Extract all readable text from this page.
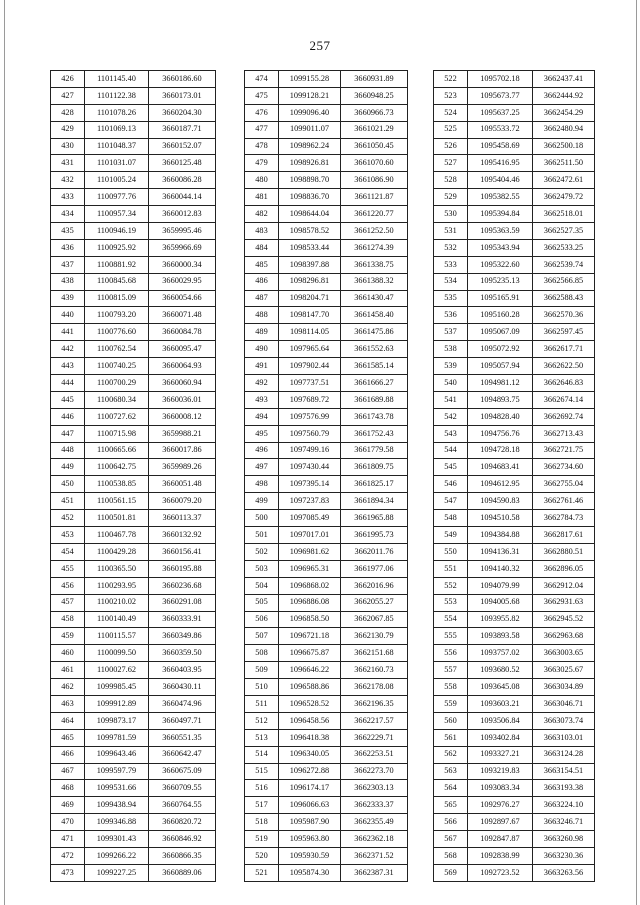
257
426	1101145.40	3660186.60
427	1101122.38	3660173.01
428	1101078.26	3660204.30
429	1101069.13	3660187.71
430	1101048.37	3660152.07
431	1101031.07	3660125.48
432	1101005.24	3660086.28
433	1100977.76	3660044.14
434	1100957.34	3660012.83
435	1100946.19	3659995.46
436	1100925.92	3659966.69
437	1100881.92	3660000.34
438	1100845.68	3660029.95
439	1100815.09	3660054.66
440	1100793.20	3660071.48
441	1100776.60	3660084.78
442	1100762.54	3660095.47
443	1100740.25	3660064.93
444	1100700.29	3660060.94
445	1100680.34	3660036.01
446	1100727.62	3660008.12
447	1100715.98	3659988.21
448	1100665.66	3660017.86
449	1100642.75	3659989.26
450	1100538.85	3660051.48
451	1100561.15	3660079.20
452	1100501.81	3660113.37
453	1100467.78	3660132.92
454	1100429.28	3660156.41
455	1100365.50	3660195.88
456	1100293.95	3660236.68
457	1100210.02	3660291.08
458	1100140.49	3660333.91
459	1100115.57	3660349.86
460	1100099.50	3660359.50
461	1100027.62	3660403.95
462	1099985.45	3660430.11
463	1099912.89	3660474.96
464	1099873.17	3660497.71
465	1099781.59	3660551.35
466	1099643.46	3660642.47
467	1099597.79	3660675.09
468	1099531.66	3660709.55
469	1099438.94	3660764.55
470	1099346.88	3660820.72
471	1099301.43	3660846.92
472	1099266.22	3660866.35
473	1099227.25	3660889.06
474	1099155.28	3660931.89
475	1099128.21	3660948.25
476	1099096.40	3660966.73
477	1099011.07	3661021.29
478	1098962.24	3661050.45
479	1098926.81	3661070.60
480	1098898.70	3661086.90
481	1098836.70	3661121.87
482	1098644.04	3661220.77
483	1098578.52	3661252.50
484	1098533.44	3661274.39
485	1098397.88	3661338.75
486	1098296.81	3661388.32
487	1098204.71	3661430.47
488	1098147.70	3661458.40
489	1098114.05	3661475.86
490	1097965.64	3661552.63
491	1097902.44	3661585.14
492	1097737.51	3661666.27
493	1097689.72	3661689.88
494	1097576.99	3661743.78
495	1097560.79	3661752.43
496	1097499.16	3661779.58
497	1097430.44	3661809.75
498	1097395.14	3661825.17
499	1097237.83	3661894.34
500	1097085.49	3661965.88
501	1097017.01	3661995.73
502	1096981.62	3662011.76
503	1096965.31	3661977.06
504	1096868.02	3662016.96
505	1096886.08	3662055.27
506	1096858.50	3662067.85
507	1096721.18	3662130.79
508	1096675.87	3662151.68
509	1096646.22	3662160.73
510	1096588.86	3662178.08
511	1096528.52	3662196.35
512	1096458.56	3662217.57
513	1096418.38	3662229.71
514	1096340.05	3662253.51
515	1096272.88	3662273.70
516	1096174.17	3662303.13
517	1096066.63	3662333.37
518	1095987.90	3662355.49
519	1095963.80	3662362.18
520	1095930.59	3662371.52
521	1095874.30	3662387.31
522	1095702.18	3662437.41
523	1095673.77	3662444.92
524	1095637.25	3662454.29
525	1095533.72	3662480.94
526	1095458.69	3662500.18
527	1095416.95	3662511.50
528	1095404.46	3662472.61
529	1095382.55	3662479.72
530	1095394.84	3662518.01
531	1095363.59	3662527.35
532	1095343.94	3662533.25
533	1095322.60	3662539.74
534	1095235.13	3662566.85
535	1095165.91	3662588.43
536	1095160.28	3662570.36
537	1095067.09	3662597.45
538	1095072.92	3662617.71
539	1095057.94	3662622.50
540	1094981.12	3662646.83
541	1094893.75	3662674.14
542	1094828.40	3662692.74
543	1094756.76	3662713.43
544	1094728.18	3662721.75
545	1094683.41	3662734.60
546	1094612.95	3662755.04
547	1094590.83	3662761.46
548	1094510.58	3662784.73
549	1094384.88	3662817.61
550	1094136.31	3662880.51
551	1094140.32	3662896.05
552	1094079.99	3662912.04
553	1094005.68	3662931.63
554	1093955.82	3662945.52
555	1093893.58	3662963.68
556	1093757.02	3663003.65
557	1093680.52	3663025.67
558	1093645.08	3663034.89
559	1093603.21	3663046.71
560	1093506.84	3663073.74
561	1093402.84	3663103.01
562	1093327.21	3663124.28
563	1093219.83	3663154.51
564	1093083.34	3663193.38
565	1092976.27	3663224.10
566	1092897.67	3663246.71
567	1092847.87	3663260.98
568	1092838.99	3663230.36
569	1092723.52	3663263.56
